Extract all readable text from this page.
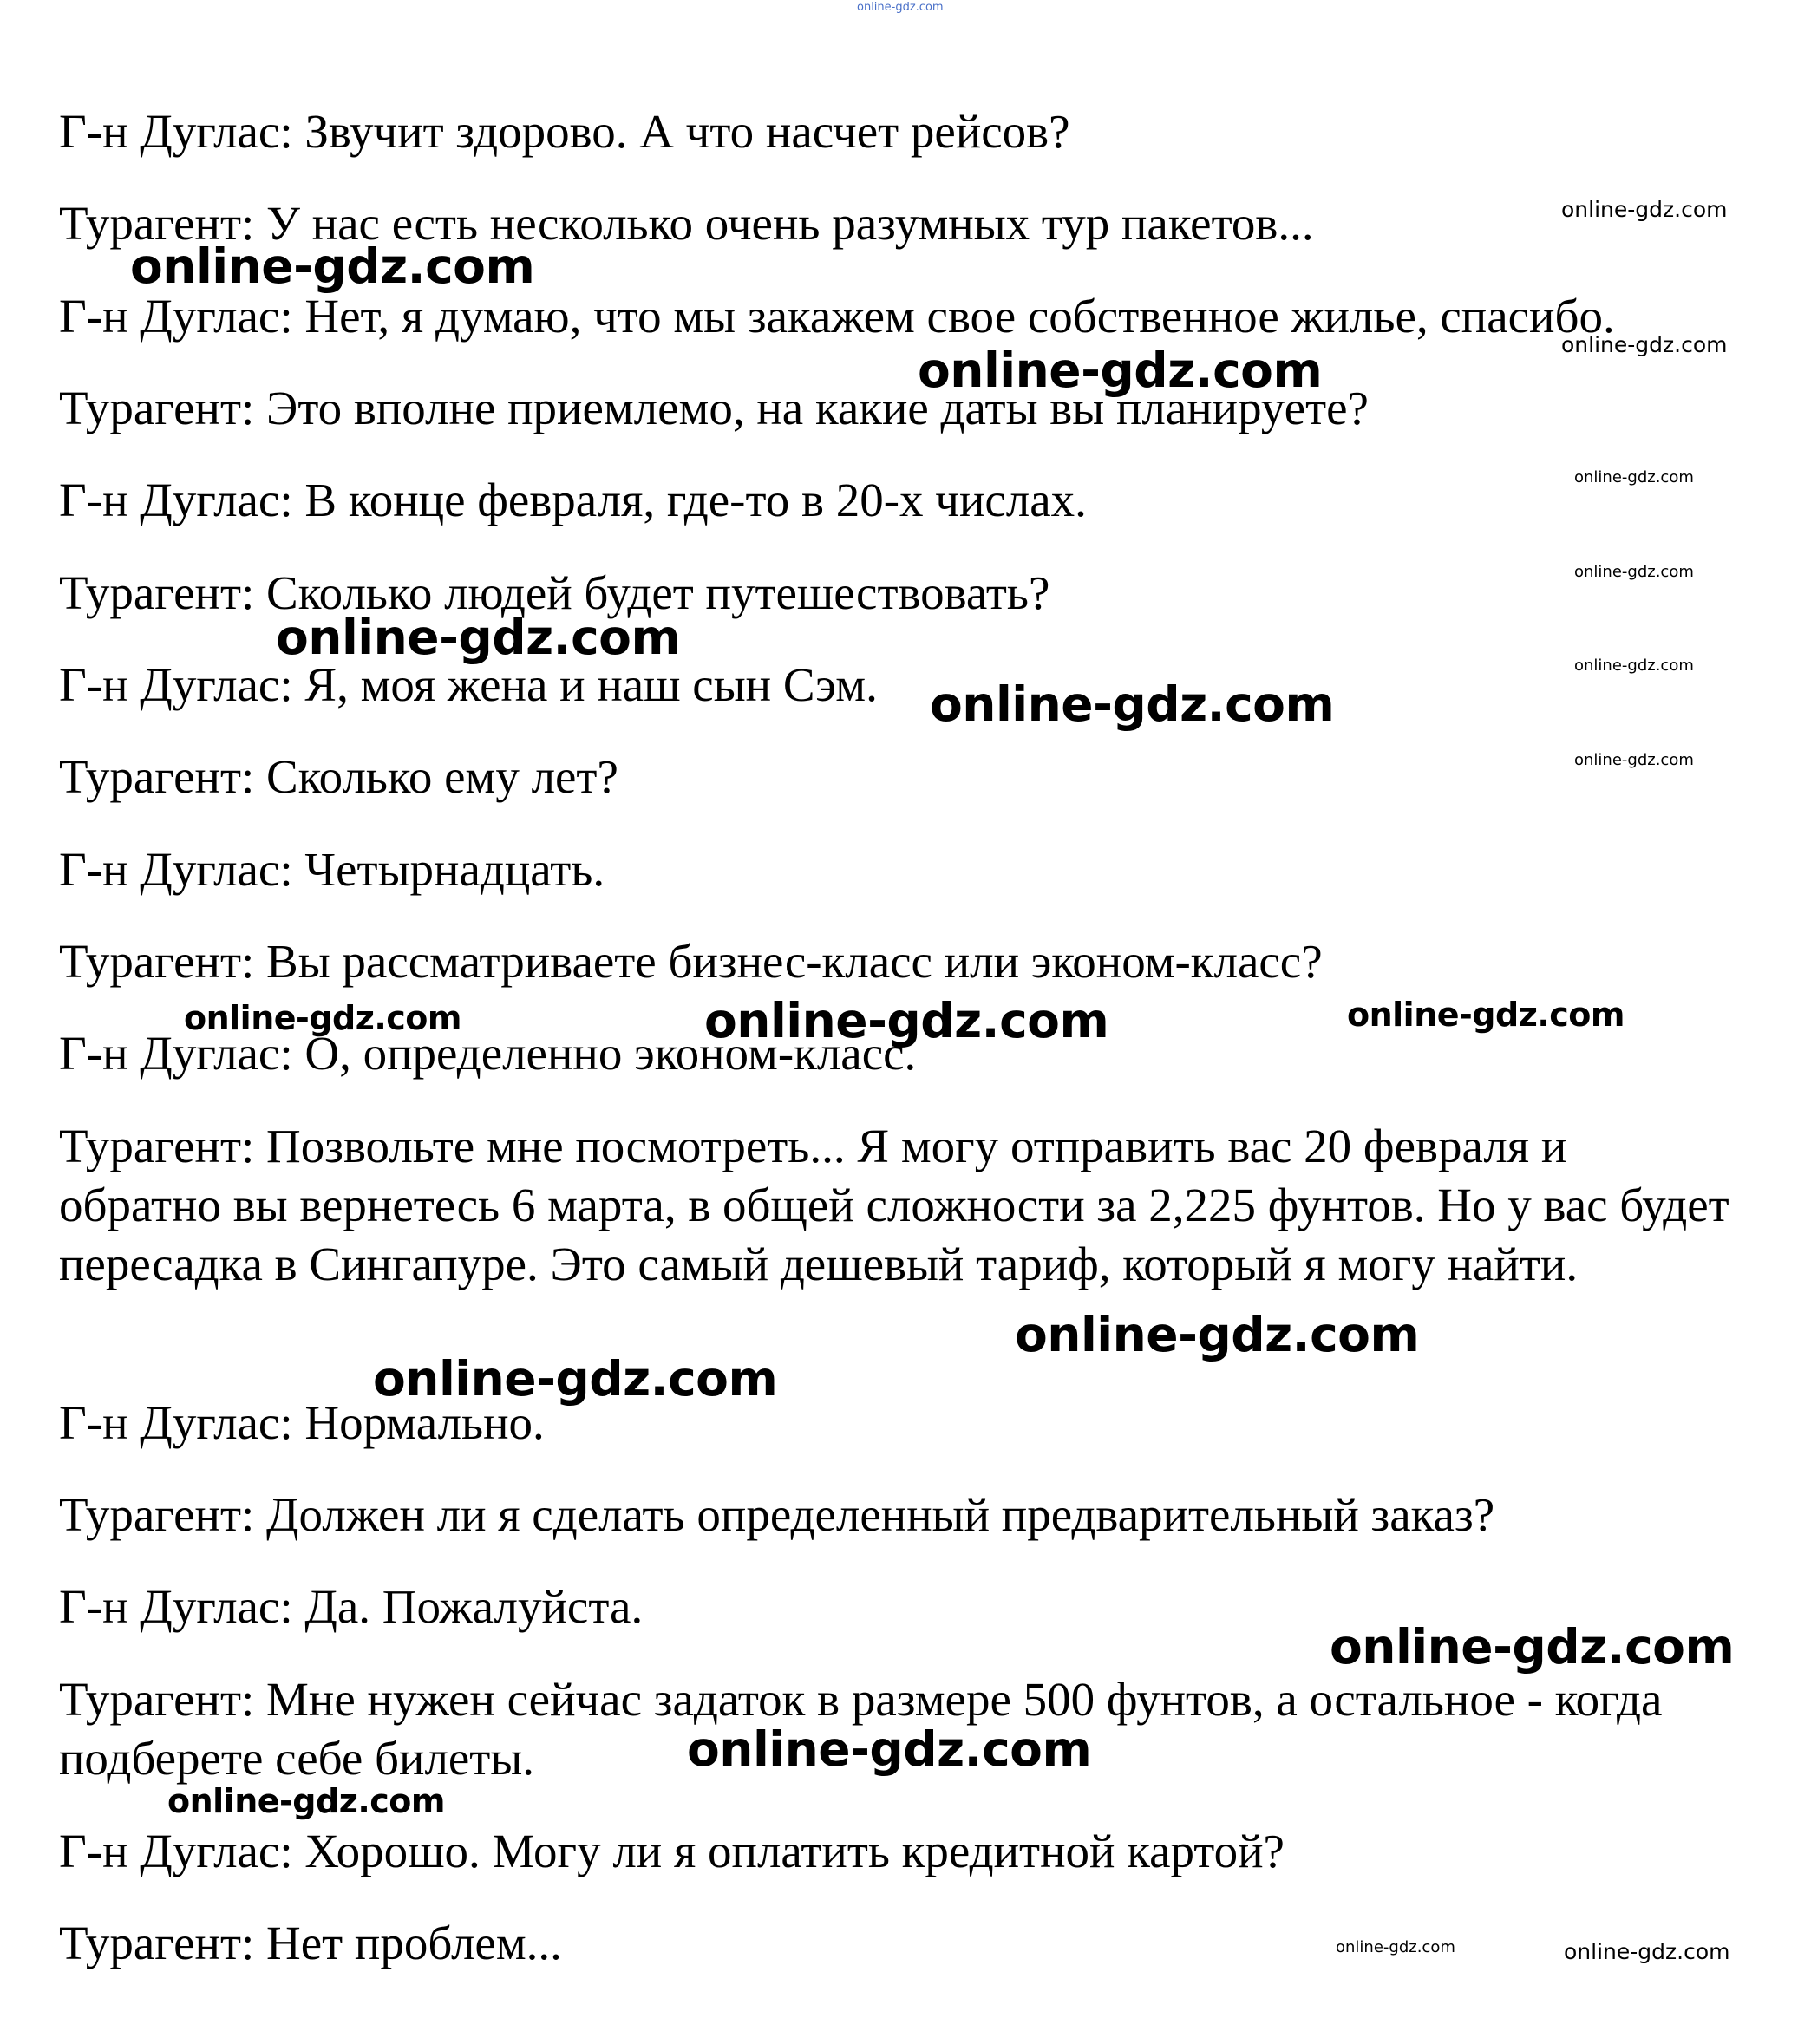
Г-н Дуглас: Звучит здорово. А что насчет рейсов?
Турагент: У нас есть несколько очень разумных тур пакетов...
Г-н Дуглас: Нет, я думаю, что мы закажем свое собственное жилье, спасибо.
Турагент: Это вполне приемлемо, на какие даты вы планируете?
Г-н Дуглас: В конце февраля, где-то в 20-х числах.
Турагент: Сколько людей будет путешествовать?
Г-н Дуглас: Я, моя жена и наш сын Сэм.
Турагент: Сколько ему лет?
Г-н Дуглас: Четырнадцать.
Турагент: Вы рассматриваете бизнес-класс или эконом-класс?
Г-н Дуглас: О, определенно эконом-класс.
Турагент: Позвольте мне посмотреть... Я могу отправить вас 20 февраля и обратно вы вернетесь 6 марта, в общей сложности за 2,225 фунтов. Но у вас будет пересадка в Сингапуре. Это самый дешевый тариф, который я могу найти.
Г-н Дуглас: Нормально.
Турагент: Должен ли я сделать определенный предварительный заказ?
Г-н Дуглас: Да. Пожалуйста.
Турагент: Мне нужен сейчас задаток в размере 500 фунтов, а остальное - когда подберете себе билеты.
Г-н Дуглас: Хорошо. Могу ли я оплатить кредитной картой?
Турагент: Нет проблем...
online-gdz.com
online-gdz.com
online-gdz.com
online-gdz.com
online-gdz.com
online-gdz.com
online-gdz.com
online-gdz.com
online-gdz.com
online-gdz.com
online-gdz.com	online-gdz.com
online-gdz.com
online-gdz.com
online-gdz.com
online-gdz.com
online-gdz.com
online-gdz.com
online-gdz.com
online-gdz.com
online-gdz.com
